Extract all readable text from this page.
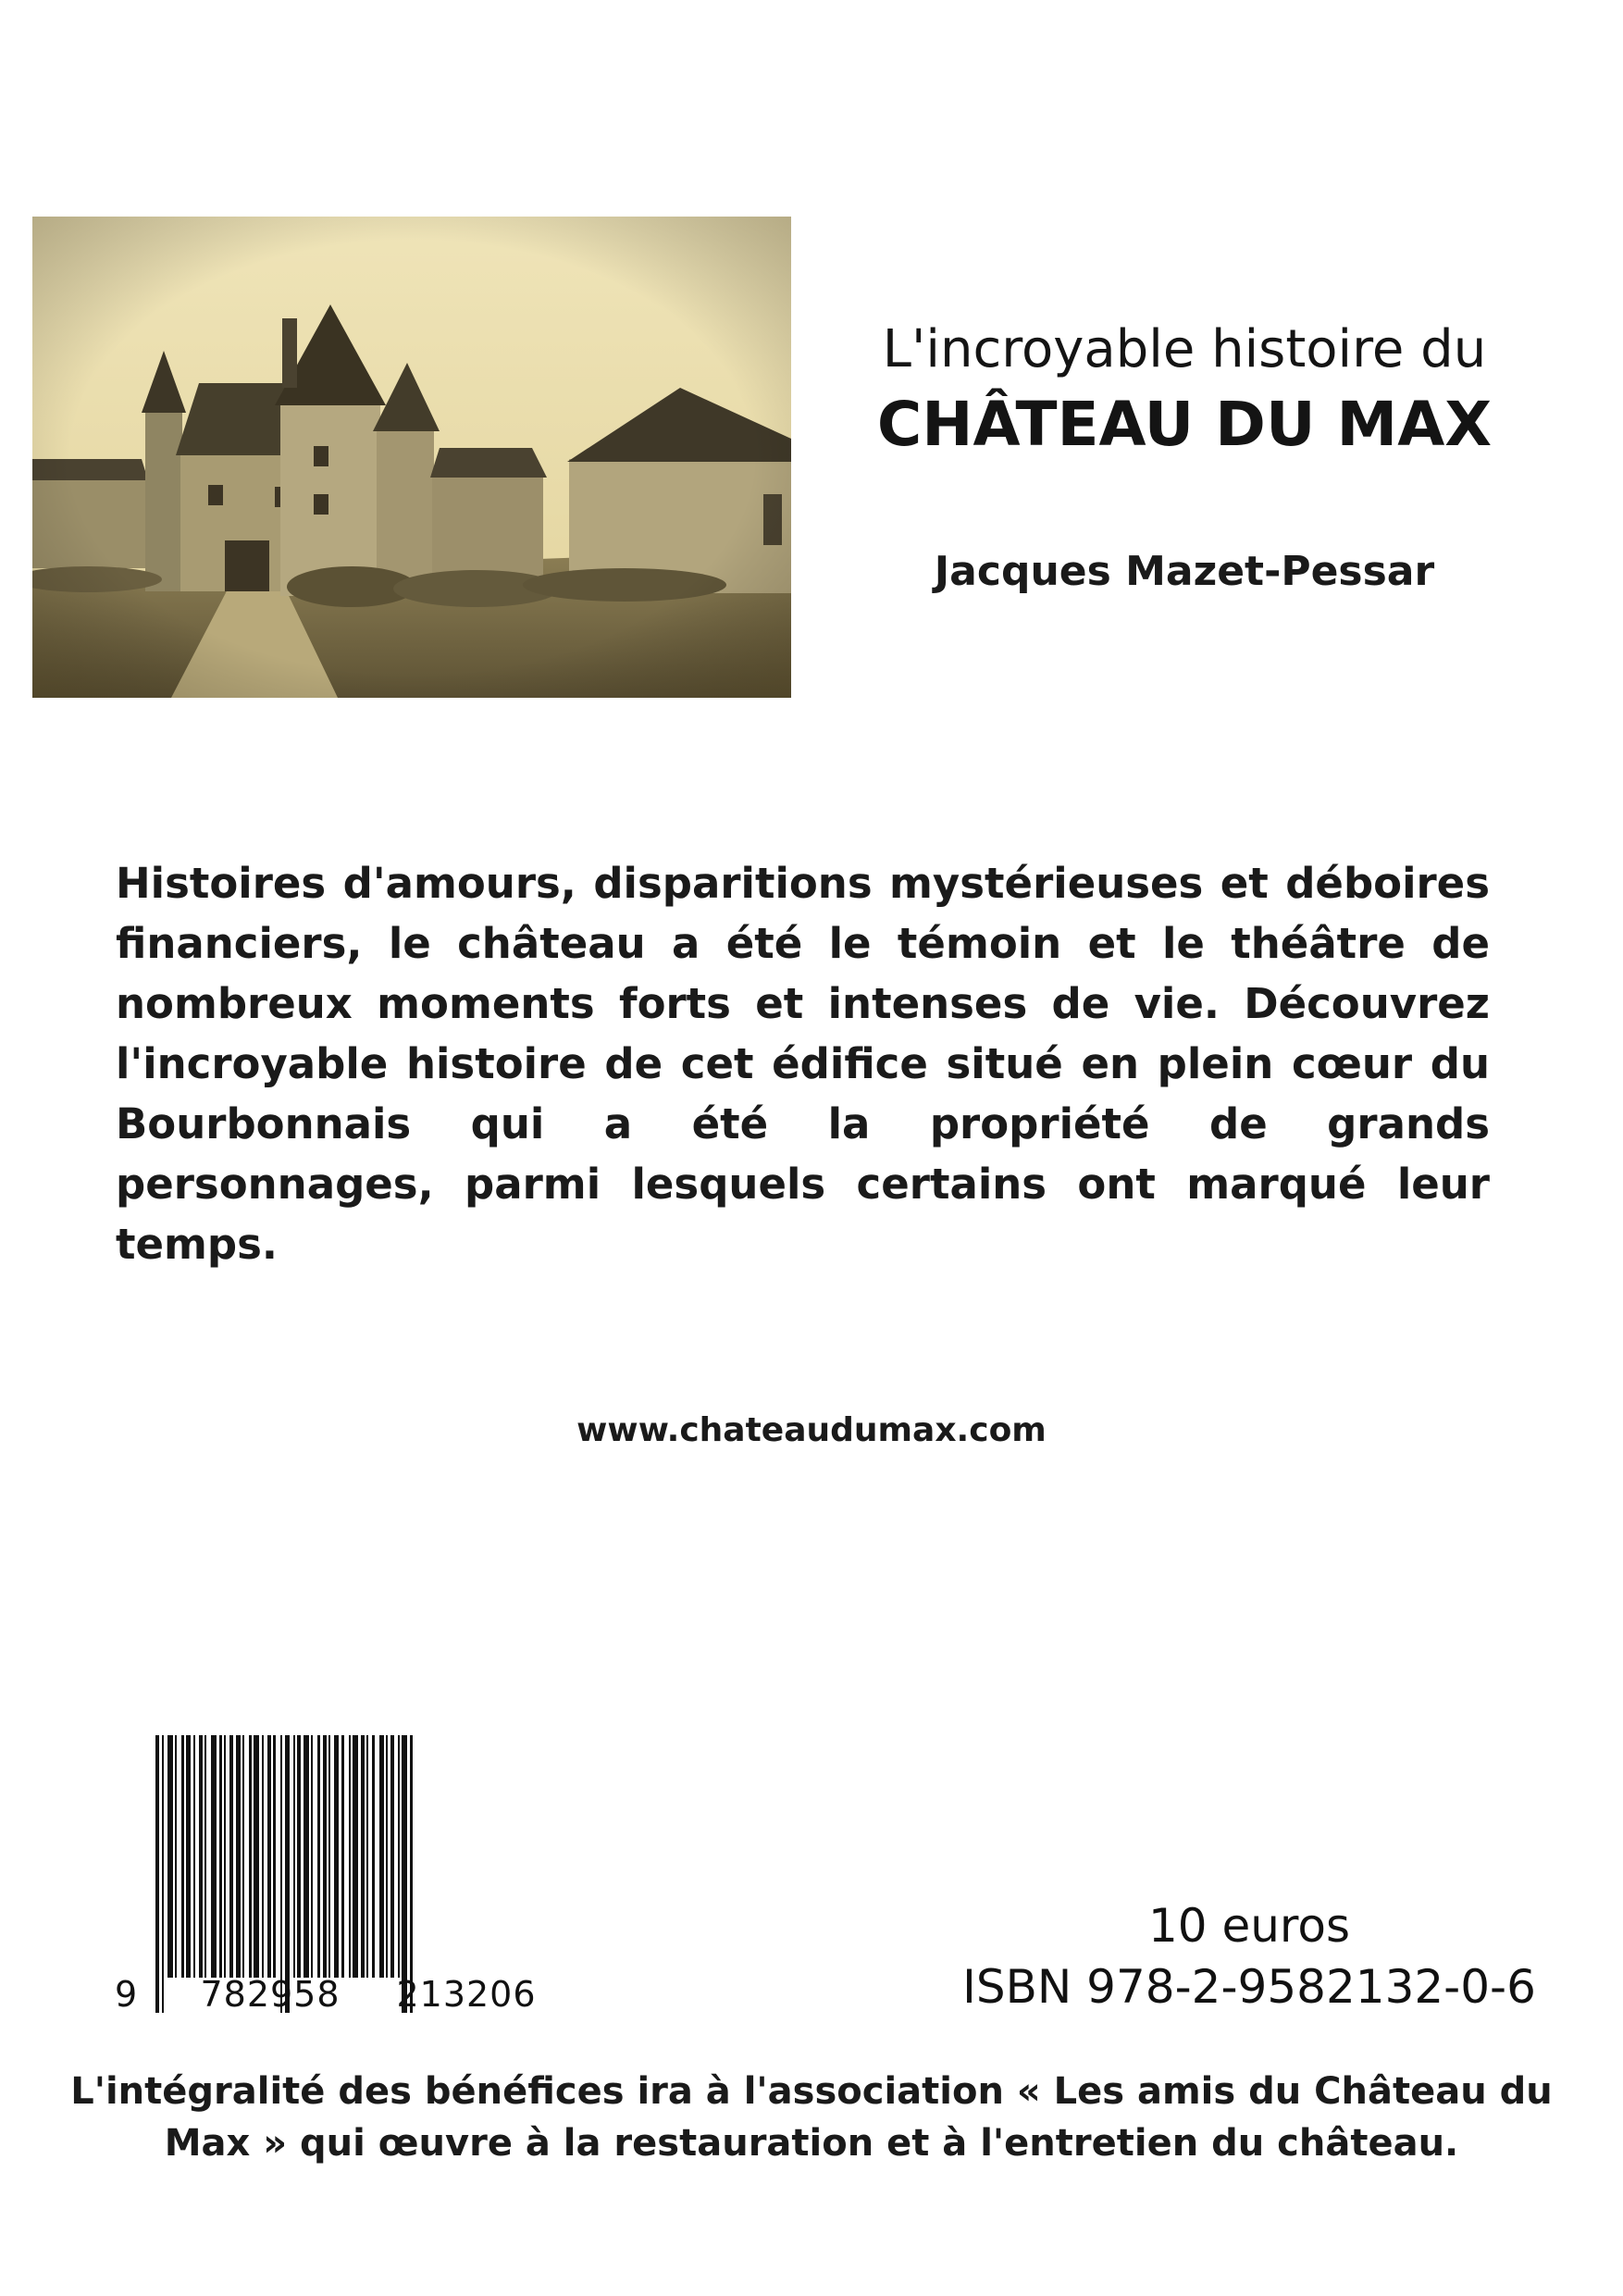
L'incroyable histoire du
CHÂTEAU DU MAX
Jacques Mazet-Pessar

Histoires d'amours, disparitions mystérieuses et déboires financiers, le château a été le témoin et le théâtre de nombreux moments forts et intenses de vie. Découvrez l'incroyable histoire de cet édifice situé en plein cœur du Bourbonnais qui a été la propriété de grands personnages, parmi lesquels certains ont marqué leur temps.

www.chateaudumax.com
9 782958 213206
10 euros
ISBN 978-2-9582132-0-6
L'intégralité des bénéfices ira à l'association « Les amis du Château du
Max » qui œuvre à la restauration et à l'entretien du château.
